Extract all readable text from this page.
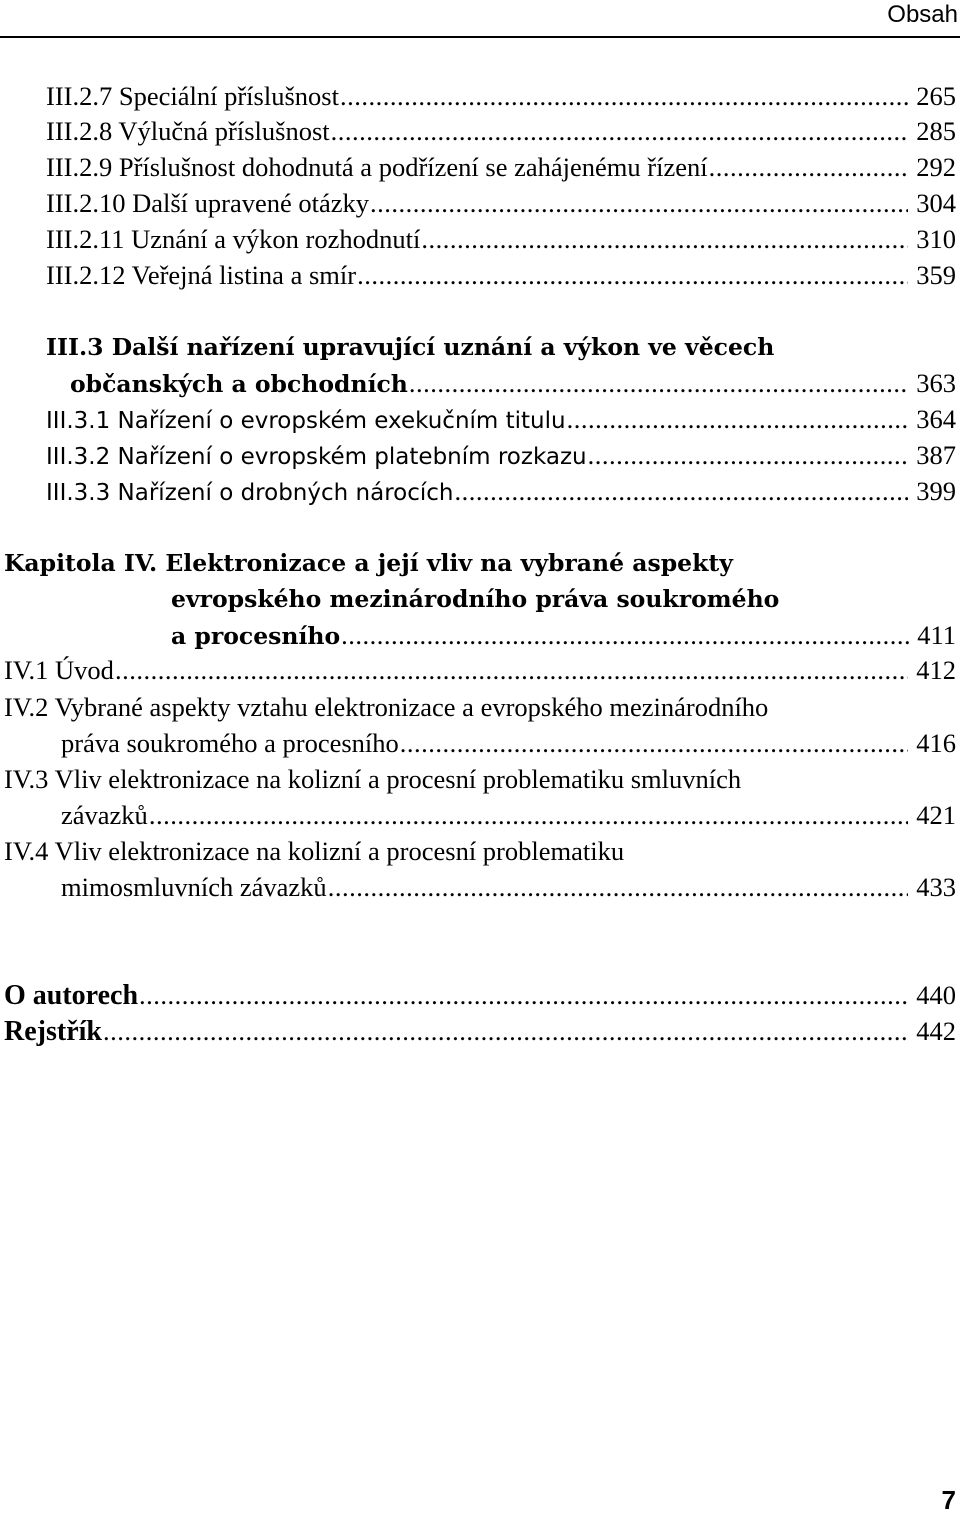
Obsah
III.2.7 Speciální příslušnost .....	265
III.2.8 Výlučná příslušnost .....	285
III.2.9 Příslušnost dohodnutá a podřízení se zahájenému řízení .....	292
III.2.10 Další upravené otázky .....	304
III.2.11 Uznání a výkon rozhodnutí .....	310
III.2.12 Veřejná listina a smír .....	359
III.3 Další nařízení upravující uznání a výkon ve věcech
občanských a obchodních .....	363
III.3.1 Nařízení o evropském exekučním titulu .....	364
III.3.2 Nařízení o evropském platebním rozkazu .....	387
III.3.3 Nařízení o drobných nárocích .....	399
Kapitola IV. Elektronizace a její vliv na vybrané aspekty
evropského mezinárodního práva soukromého
a procesního .....	411
IV.1 Úvod .....	412
IV.2 Vybrané aspekty vztahu elektronizace a evropského mezinárodního
práva soukromého a procesního .....	416
IV.3 Vliv elektronizace na kolizní a procesní problematiku smluvních
závazků .....	421
IV.4 Vliv elektronizace na kolizní a procesní problematiku
mimosmluvních závazků .....	433
O autorech .....	440
Rejstřík .....	442
7
